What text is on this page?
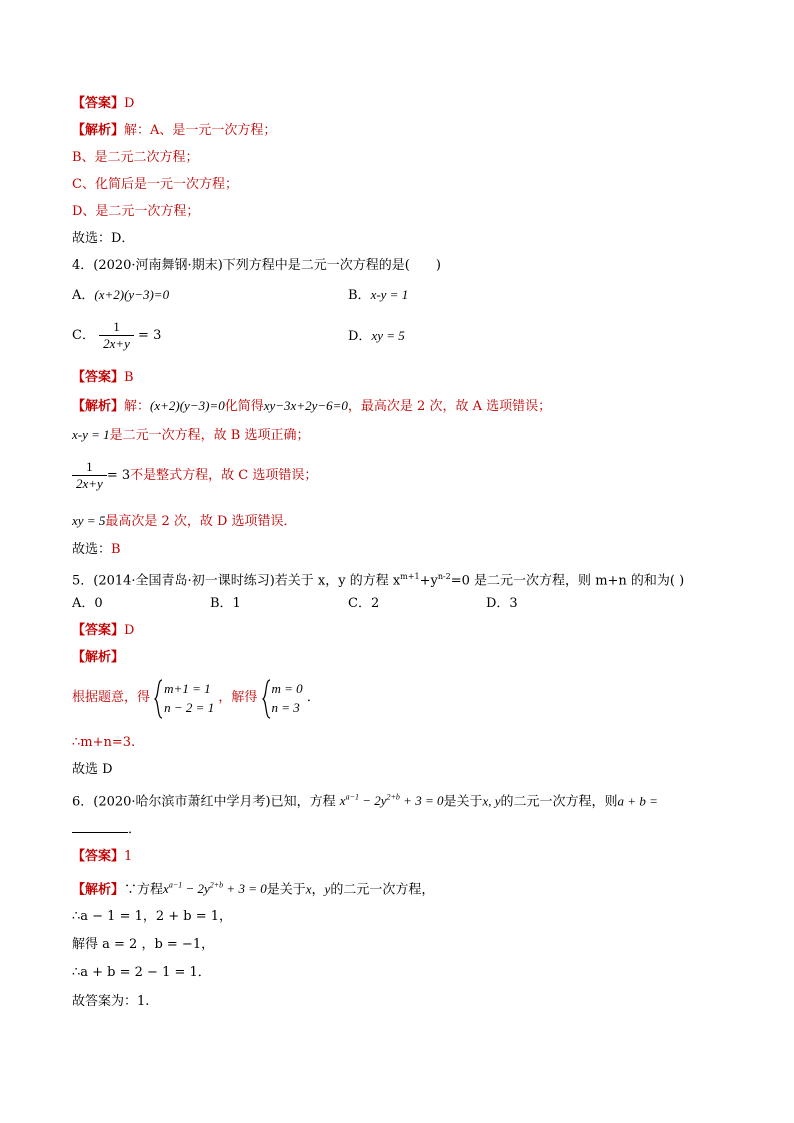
【答案】D
【解析】解：A、是一元一次方程；
B、是二元二次方程；
C、化简后是一元一次方程；
D、是二元一次方程；
故选：D．
4．(2020·河南舞钢·期末)下列方程中是二元一次方程的是(　　)
A．(x+2)(y−3)=0	B．x-y = 1
C． $\frac{1}{2x+y} = 3$	D．xy = 5
【答案】B
【解析】解：(x+2)(y−3)=0化简得xy−3x+2y−6=0，最高次是 2 次，故 A 选项错误；
x-y = 1是二元一次方程，故 B 选项正确；
$\frac{1}{2x+y} = 3$不是整式方程，故 C 选项错误；
xy = 5最高次是 2 次，故 D 选项错误．
故选：B
5．(2014·全国青岛·初一课时练习)若关于 x，y 的方程 $x^{m+1}+y^{n-2}=0$ 是二元一次方程，则 m+n 的和为( )
A．0	B．1	C．2	D．3
【答案】D
【解析】
根据题意，得
m+1 = 1
n − 2 = 1
，解得
m = 0
n = 3
．
∴m+n=3.
故选 D
6．(2020·哈尔滨市萧红中学月考)已知，方程 $x^{a-1} - 2y^{2+b} + 3 = 0$是关于x, y的二元一次方程，则a + b =
．
【答案】1
【解析】∵方程$x^{a-1} - 2y^{2+b} + 3 = 0$是关于x，y的二元一次方程，
∴a − 1 = 1，2 + b = 1，
解得 a = 2 ，b = −1，
∴a + b = 2 − 1 = 1．
故答案为：1.
